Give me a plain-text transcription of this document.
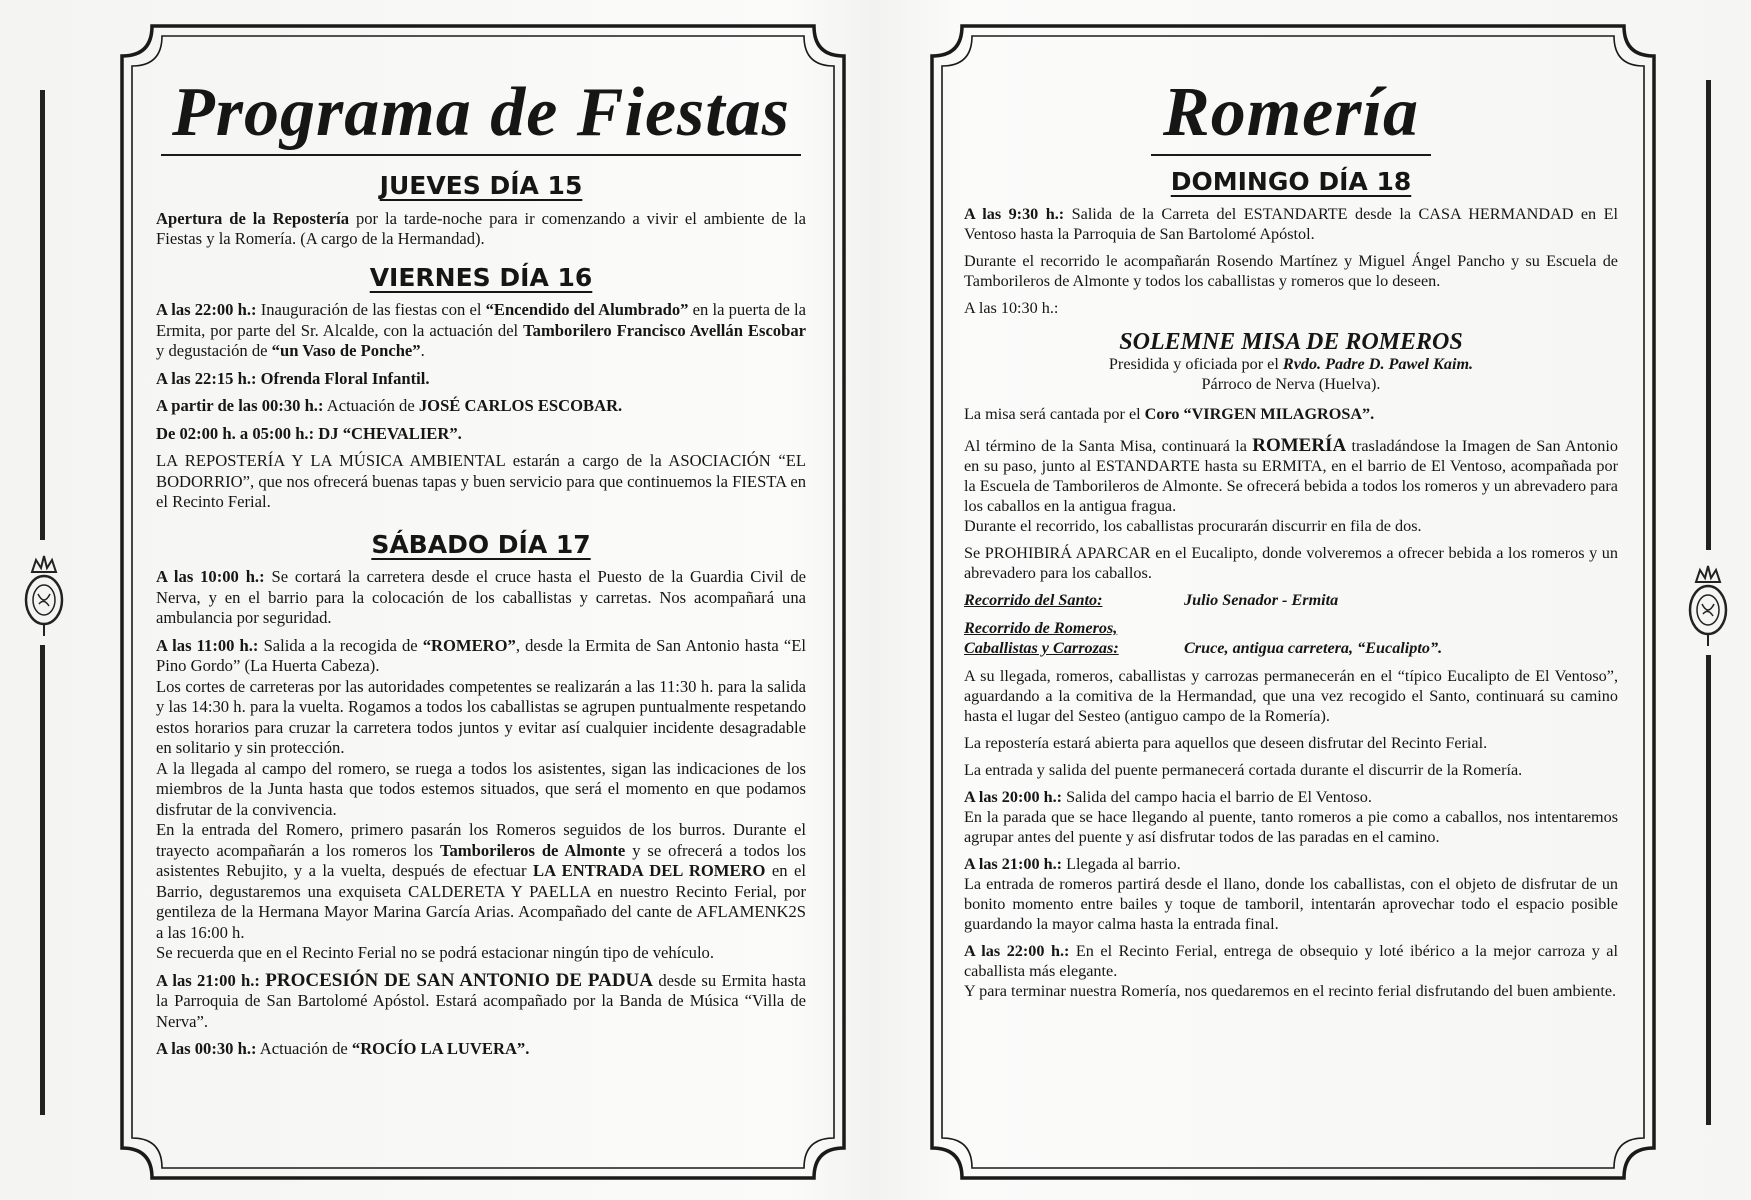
Programa de Fiestas
JUEVES DÍA 15

Apertura de la Repostería por la tarde-noche para ir comenzando a vivir el ambiente de la Fiestas y la Romería. (A cargo de la Hermandad).

VIERNES DÍA 16

A las 22:00 h.: Inauguración de las fiestas con el “Encendido del Alumbrado” en la puerta de la Ermita, por parte del Sr. Alcalde, con la actuación del Tamborilero Francisco Avellán Escobar y degustación de “un Vaso de Ponche”.

A las 22:15 h.: Ofrenda Floral Infantil.

A partir de las 00:30 h.: Actuación de JOSÉ CARLOS ESCOBAR.

De 02:00 h. a 05:00 h.: DJ “CHEVALIER”.

LA REPOSTERÍA Y LA MÚSICA AMBIENTAL estarán a cargo de la ASOCIACIÓN “EL BODORRIO”, que nos ofrecerá buenas tapas y buen servicio para que continuemos la FIESTA en el Recinto Ferial.

SÁBADO DÍA 17

A las 10:00 h.: Se cortará la carretera desde el cruce hasta el Puesto de la Guardia Civil de Nerva, y en el barrio para la colocación de los caballistas y carretas. Nos acompañará una ambulancia por seguridad.

A las 11:00 h.: Salida a la recogida de “ROMERO”, desde la Ermita de San Antonio hasta “El Pino Gordo” (La Huerta Cabeza).
Los cortes de carreteras por las autoridades competentes se realizarán a las 11:30 h. para la salida y las 14:30 h. para la vuelta. Rogamos a todos los caballistas se agrupen puntualmente respetando estos horarios para cruzar la carretera todos juntos y evitar así cualquier incidente desagradable en solitario y sin protección.
A la llegada al campo del romero, se ruega a todos los asistentes, sigan las indicaciones de los miembros de la Junta hasta que todos estemos situados, que será el momento en que podamos disfrutar de la convivencia.
En la entrada del Romero, primero pasarán los Romeros seguidos de los burros. Durante el trayecto acompañarán a los romeros los Tamborileros de Almonte y se ofrecerá a todos los asistentes Rebujito, y a la vuelta, después de efectuar LA ENTRADA DEL ROMERO en el Barrio, degustaremos una exquiseta CALDERETA Y PAELLA en nuestro Recinto Ferial, por gentileza de la Hermana Mayor Marina García Arias. Acompañado del cante de AFLAMENK2S a las 16:00 h.
Se recuerda que en el Recinto Ferial no se podrá estacionar ningún tipo de vehículo.

A las 21:00 h.: PROCESIÓN DE SAN ANTONIO DE PADUA desde su Ermita hasta la Parroquia de San Bartolomé Apóstol. Estará acompañado por la Banda de Música “Villa de Nerva”.

A las 00:30 h.: Actuación de “ROCÍO LA LUVERA”.

Romería
DOMINGO DÍA 18

A las 9:30 h.: Salida de la Carreta del ESTANDARTE desde la CASA HERMANDAD en El Ventoso hasta la Parroquia de San Bartolomé Apóstol.

Durante el recorrido le acompañarán Rosendo Martínez y Miguel Ángel Pancho y su Escuela de Tamborileros de Almonte y todos los caballistas y romeros que lo deseen.

A las 10:30 h.:

SOLEMNE MISA DE ROMEROS
Presidida y oficiada por el Rvdo. Padre D. Pawel Kaim.
Párroco de Nerva (Huelva).

La misa será cantada por el Coro “VIRGEN MILAGROSA”.

Al término de la Santa Misa, continuará la ROMERÍA trasladándose la Imagen de San Antonio en su paso, junto al ESTANDARTE hasta su ERMITA, en el barrio de El Ventoso, acompañada por la Escuela de Tamborileros de Almonte. Se ofrecerá bebida a todos los romeros y un abrevadero para los caballos en la antigua fragua.
Durante el recorrido, los caballistas procurarán discurrir en fila de dos.

Se PROHIBIRÁ APARCAR en el Eucalipto, donde volveremos a ofrecer bebida a los romeros y un abrevadero para los caballos.

Recorrido del Santo:	Julio Senador - Ermita
Recorrido de Romeros,
Caballistas y Carrozas:	Cruce, antigua carretera, “Eucalipto”.

A su llegada, romeros, caballistas y carrozas permanecerán en el “típico Eucalipto de El Ventoso”, aguardando a la comitiva de la Hermandad, que una vez recogido el Santo, continuará su camino hasta el lugar del Sesteo (antiguo campo de la Romería).

La repostería estará abierta para aquellos que deseen disfrutar del Recinto Ferial.

La entrada y salida del puente permanecerá cortada durante el discurrir de la Romería.

A las 20:00 h.: Salida del campo hacia el barrio de El Ventoso.
En la parada que se hace llegando al puente, tanto romeros a pie como a caballos, nos intentaremos agrupar antes del puente y así disfrutar todos de las paradas en el camino.

A las 21:00 h.: Llegada al barrio.
La entrada de romeros partirá desde el llano, donde los caballistas, con el objeto de disfrutar de un bonito momento entre bailes y toque de tamboril, intentarán aprovechar todo el espacio posible guardando la mayor calma hasta la entrada final.

A las 22:00 h.: En el Recinto Ferial, entrega de obsequio y loté ibérico a la mejor carroza y al caballista más elegante.
Y para terminar nuestra Romería, nos quedaremos en el recinto ferial disfrutando del buen ambiente.
